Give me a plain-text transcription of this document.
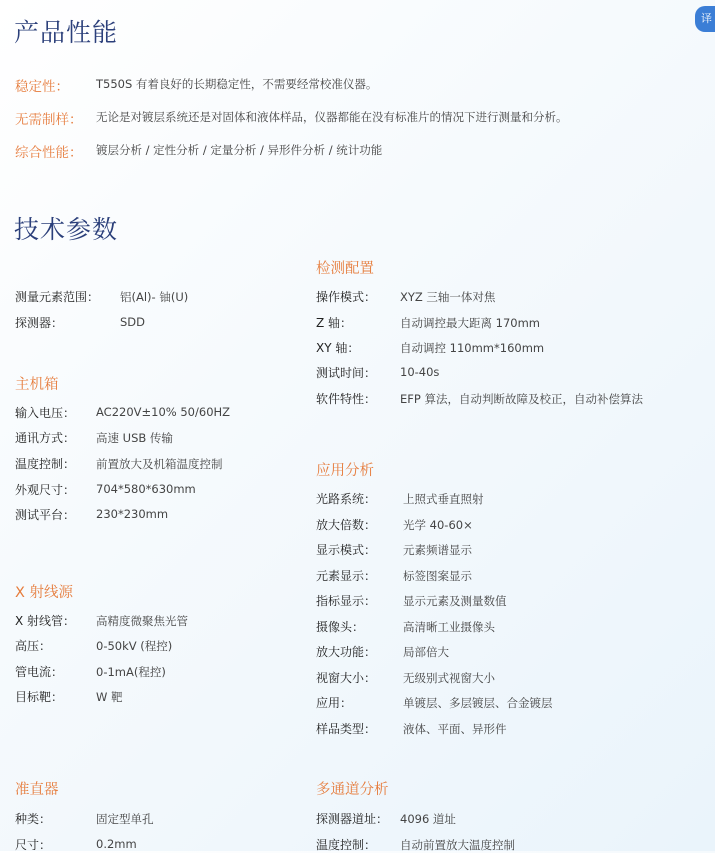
译
产品性能
稳定性： T550S 有着良好的长期稳定性，不需要经常校准仪器。
无需制样： 无论是对镀层系统还是对固体和液体样品，仪器都能在没有标准片的情况下进行测量和分析。
综合性能： 镀层分析 / 定性分析 / 定量分析 / 异形件分析 / 统计功能
技术参数
测量元素范围： 铝(Al)- 铀(U)
探测器：	SDD
主机箱
输入电压： AC220V±10% 50/60HZ
通讯方式： 高速 USB 传输
温度控制： 前置放大及机箱温度控制
外观尺寸： 704*580*630mm
测试平台： 230*230mm
X 射线源
X 射线管： 高精度微聚焦光管
高压：	0-50kV (程控)
管电流：	0-1mA(程控)
目标靶：	W 靶
准直器
种类：	固定型单孔
尺寸：	0.2mm
检测配置
操作模式： XYZ 三轴一体对焦
Z 轴：	自动调控最大距离 170mm
XY 轴：	自动调控 110mm*160mm
测试时间： 10-40s
软件特性： EFP 算法，自动判断故障及校正，自动补偿算法
应用分析
光路系统： 上照式垂直照射
放大倍数： 光学 40-60×
显示模式： 元素频谱显示
元素显示： 标签图案显示
指标显示： 显示元素及测量数值
摄像头：	高清晰工业摄像头
放大功能： 局部倍大
视窗大小： 无级别式视窗大小
应用：	单镀层、多层镀层、合金镀层
样品类型： 液体、平面、异形件
多通道分析
探测器道址： 4096 道址
温度控制： 自动前置放大温度控制
